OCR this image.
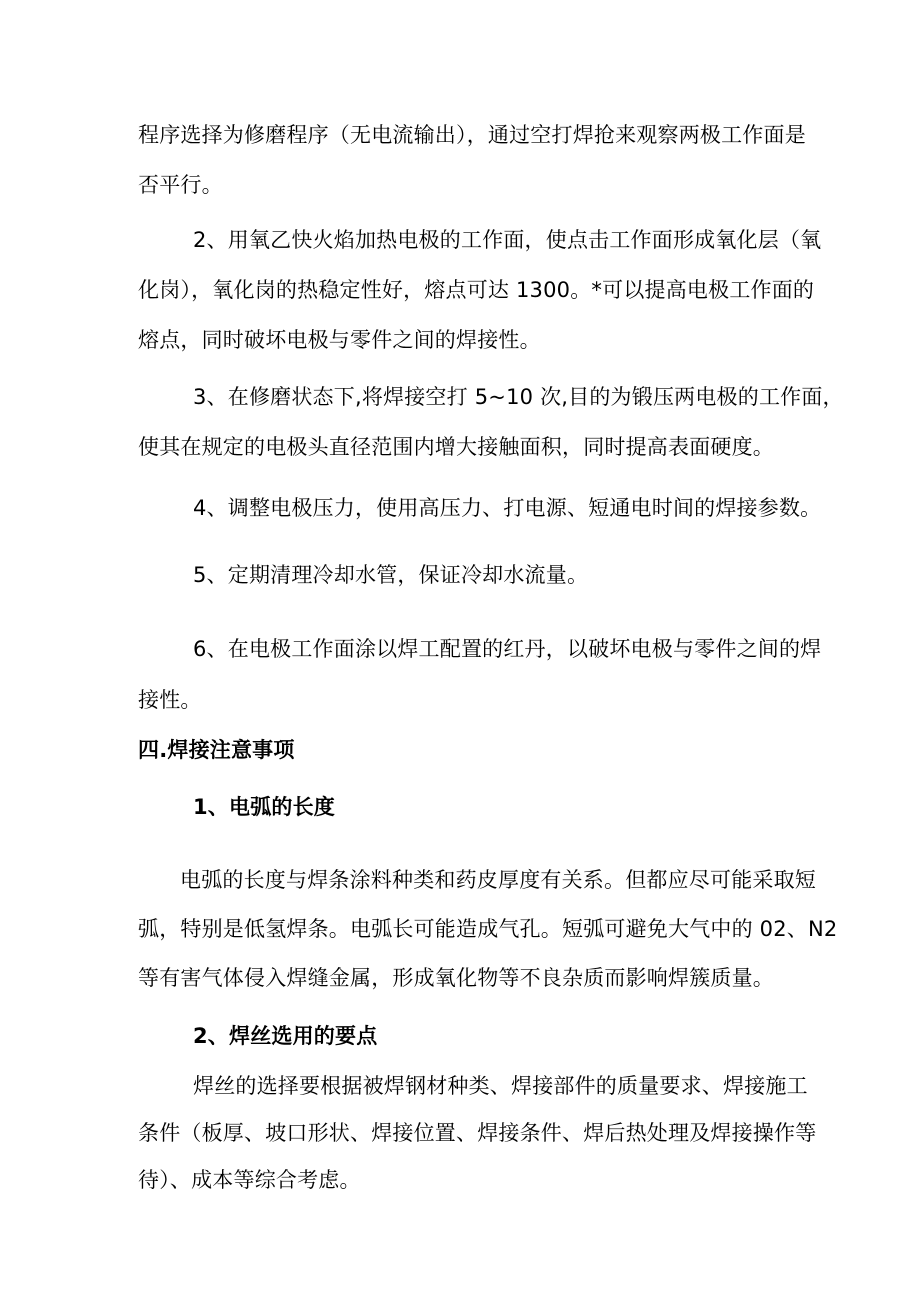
程序选择为修磨程序（无电流输出），通过空打焊抢来观察两极工作面是
否平行。
2、用氧乙快火焰加热电极的工作面，使点击工作面形成氧化层（氧
化岗），氧化岗的热稳定性好，熔点可达 1300。*可以提高电极工作面的
熔点，同时破坏电极与零件之间的焊接性。
3、在修磨状态下,将焊接空打 5~10 次,目的为锻压两电极的工作面，
使其在规定的电极头直径范围内增大接触面积，同时提高表面硬度。
4、调整电极压力，使用高压力、打电源、短通电时间的焊接参数。
5、定期清理冷却水管，保证冷却水流量。
6、在电极工作面涂以焊工配置的红丹，以破坏电极与零件之间的焊
接性。
四.焊接注意事项
1、电弧的长度
电弧的长度与焊条涂料种类和药皮厚度有关系。但都应尽可能采取短
弧，特别是低氢焊条。电弧长可能造成气孔。短弧可避免大气中的 02、N2
等有害气体侵入焊缝金属，形成氧化物等不良杂质而影响焊簇质量。
2、焊丝选用的要点
焊丝的选择要根据被焊钢材种类、焊接部件的质量要求、焊接施工
条件（板厚、坡口形状、焊接位置、焊接条件、焊后热处理及焊接操作等
待）、成本等综合考虑。
